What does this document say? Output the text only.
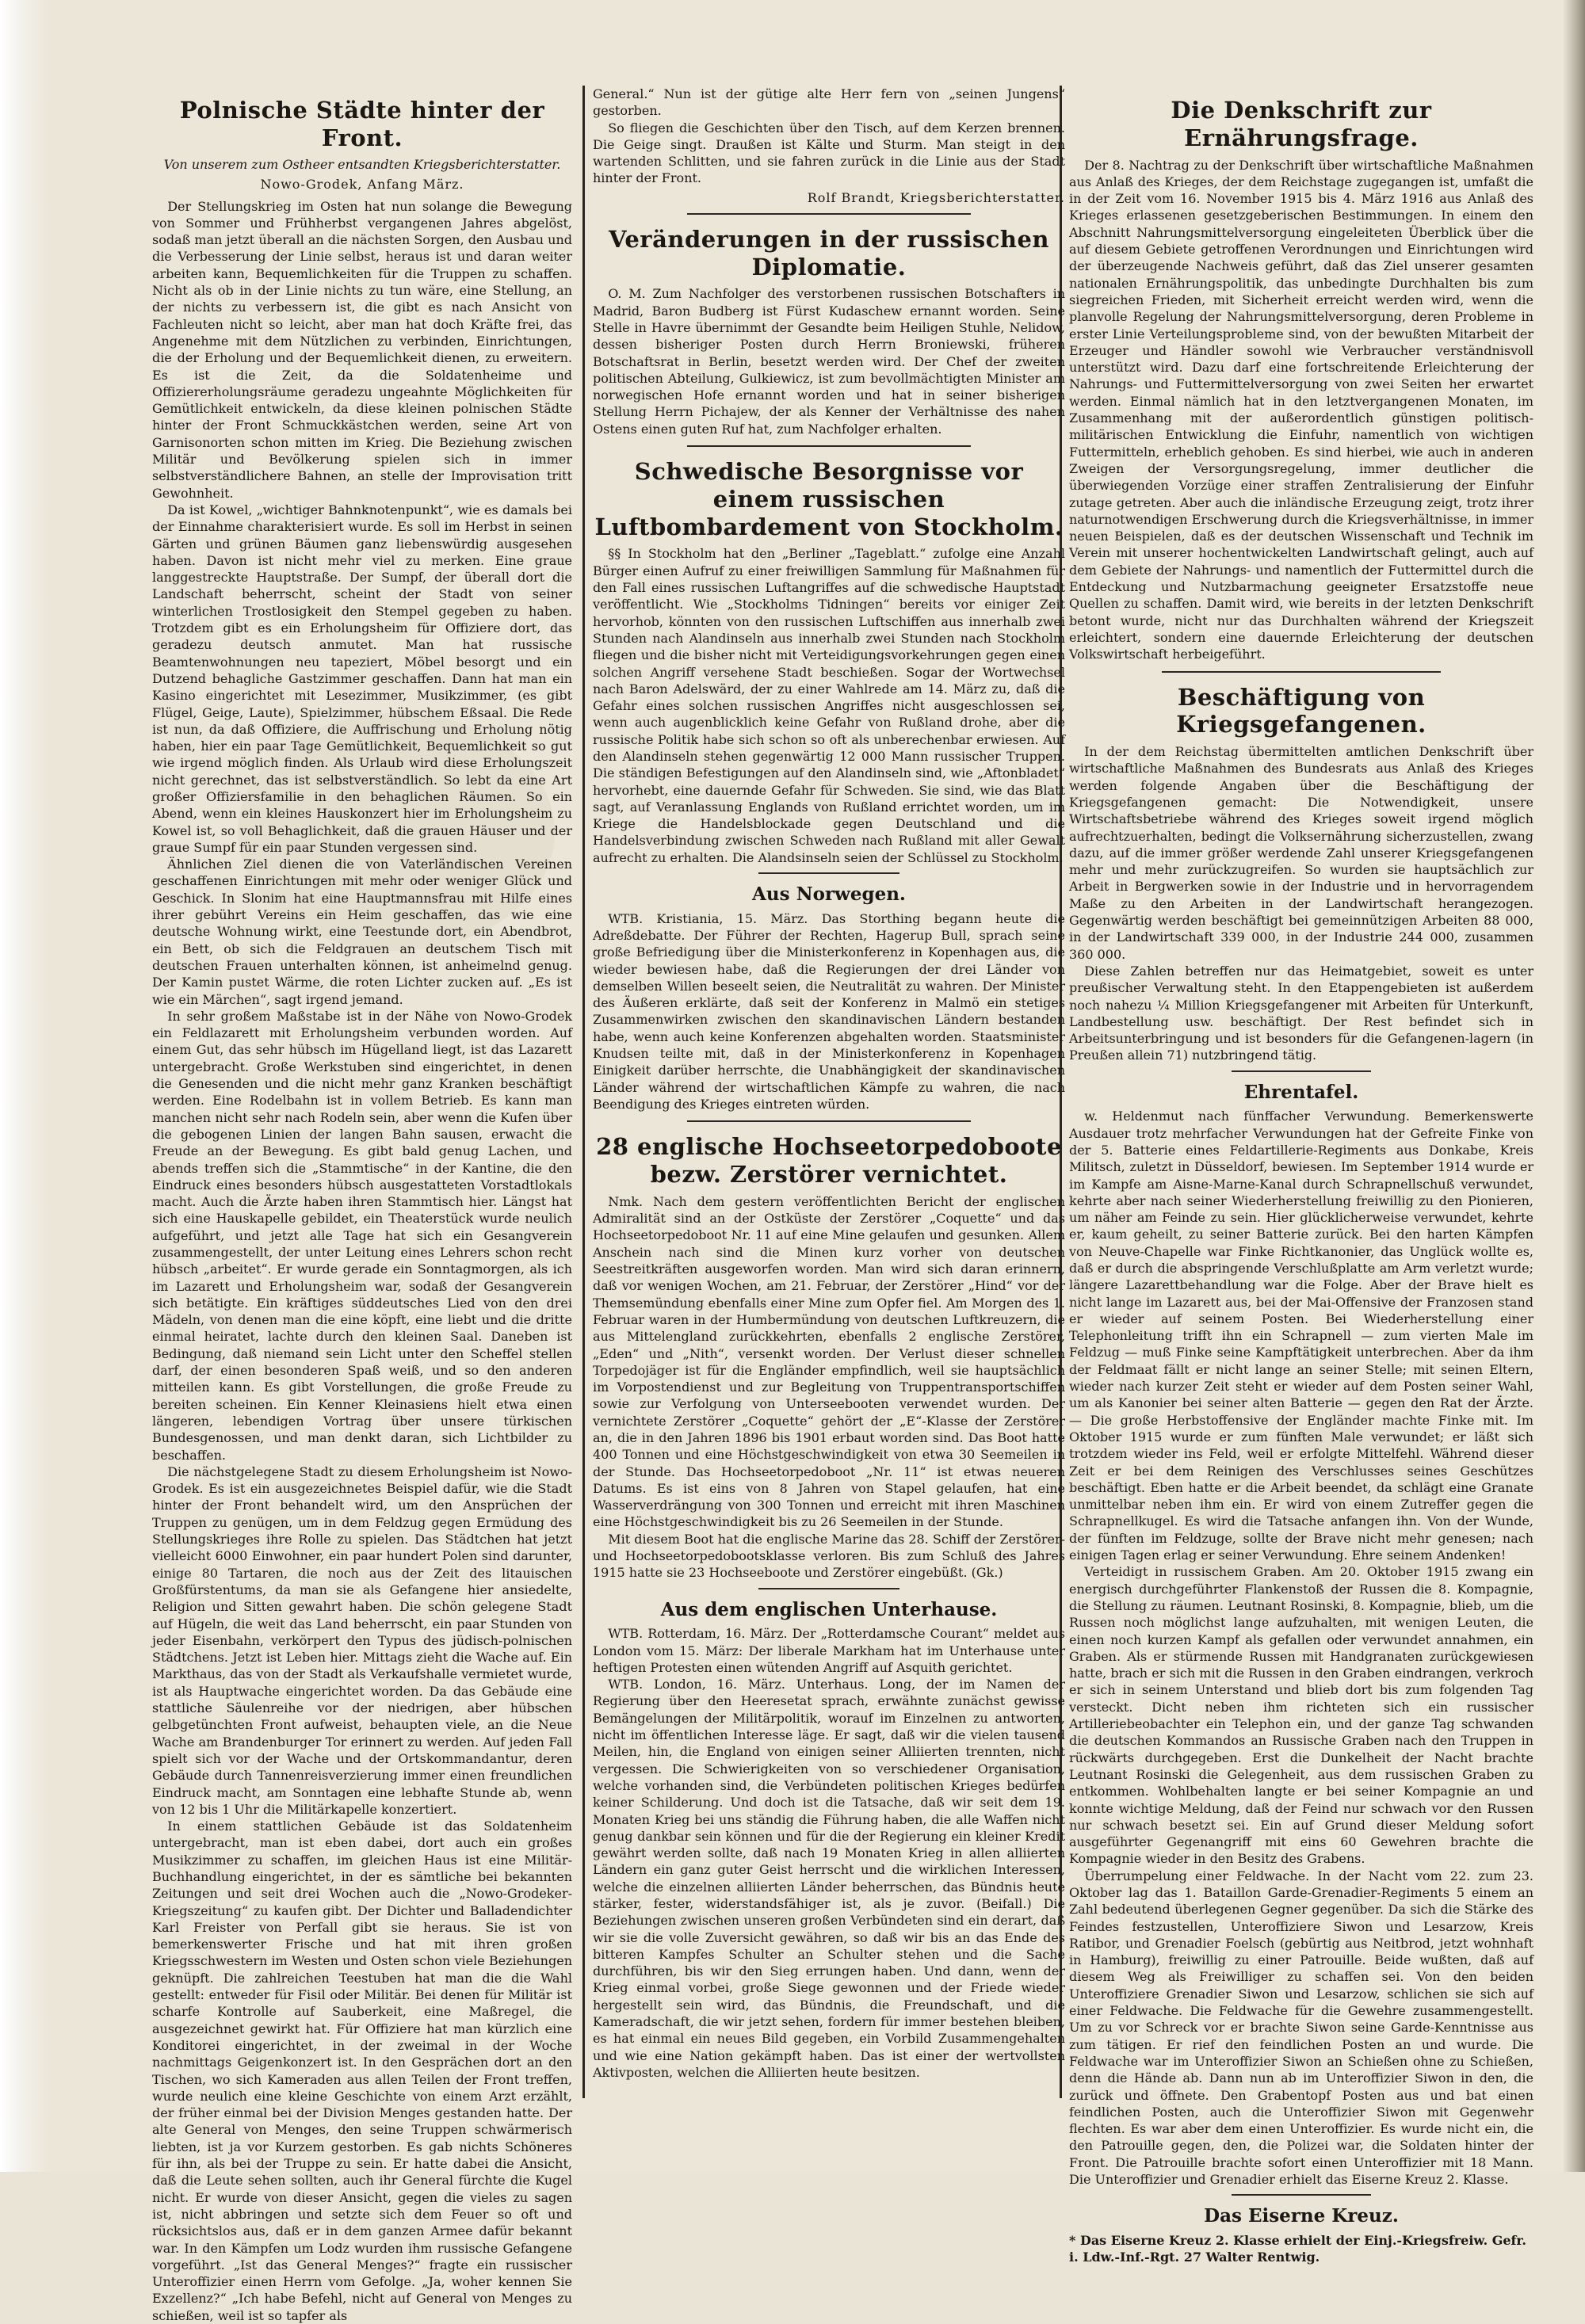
Polnische Städte hinter der Front.
Von unserem zum Ostheer entsandten Kriegsberichterstatter.
Nowo-Grodek, Anfang März.

Der Stellungskrieg im Osten hat nun solange die Bewegung von Sommer und Frühherbst vergangenen Jahres abgelöst, sodaß man jetzt überall an die nächsten Sorgen, den Ausbau und die Verbesserung der Linie selbst, heraus ist und daran weiter arbeiten kann, Bequemlichkeiten für die Truppen zu schaffen. Nicht als ob in der Linie nichts zu tun wäre, eine Stellung, an der nichts zu verbessern ist, die gibt es nach Ansicht von Fachleuten nicht so leicht, aber man hat doch Kräfte frei, das Angenehme mit dem Nützlichen zu verbinden, Einrichtungen, die der Erholung und der Bequemlichkeit dienen, zu erweitern. Es ist die Zeit, da die Soldatenheime und Offiziererholungsräume geradezu ungeahnte Möglichkeiten für Gemütlichkeit entwickeln, da diese kleinen polnischen Städte hinter der Front Schmuckkästchen werden, seine Art von Garnisonorten schon mitten im Krieg. Die Beziehung zwischen Militär und Bevölkerung spielen sich in immer selbstverständlichere Bahnen, an stelle der Improvisation tritt Gewohnheit.

Da ist Kowel, „wichtiger Bahnknotenpunkt“, wie es damals bei der Einnahme charakterisiert wurde. Es soll im Herbst in seinen Gärten und grünen Bäumen ganz liebenswürdig ausgesehen haben. Davon ist nicht mehr viel zu merken. Eine graue langgestreckte Hauptstraße. Der Sumpf, der überall dort die Landschaft beherrscht, scheint der Stadt von seiner winterlichen Trostlosigkeit den Stempel gegeben zu haben. Trotzdem gibt es ein Erholungsheim für Offiziere dort, das geradezu deutsch anmutet. Man hat russische Beamtenwohnungen neu tapeziert, Möbel besorgt und ein Dutzend behagliche Gastzimmer geschaffen. Dann hat man ein Kasino eingerichtet mit Lesezimmer, Musikzimmer, (es gibt Flügel, Geige, Laute), Spielzimmer, hübschem Eßsaal. Die Rede ist nun, da daß Offiziere, die Auffrischung und Erholung nötig haben, hier ein paar Tage Gemütlichkeit, Bequemlichkeit so gut wie irgend möglich finden. Als Urlaub wird diese Erholungszeit nicht gerechnet, das ist selbstverständlich. So lebt da eine Art großer Offiziersfamilie in den behaglichen Räumen. So ein Abend, wenn ein kleines Hauskonzert hier im Erholungsheim zu Kowel ist, so voll Behaglichkeit, daß die grauen Häuser und der graue Sumpf für ein paar Stunden vergessen sind.

Ähnlichen Ziel dienen die von Vaterländischen Vereinen geschaffenen Einrichtungen mit mehr oder weniger Glück und Geschick. In Slonim hat eine Hauptmannsfrau mit Hilfe eines ihrer gebührt Vereins ein Heim geschaffen, das wie eine deutsche Wohnung wirkt, eine Teestunde dort, ein Abendbrot, ein Bett, ob sich die Feldgrauen an deutschem Tisch mit deutschen Frauen unterhalten können, ist anheimelnd genug. Der Kamin pustet Wärme, die roten Lichter zucken auf. „Es ist wie ein Märchen“, sagt irgend jemand.

In sehr großem Maßstabe ist in der Nähe von Nowo-Grodek ein Feldlazarett mit Erholungsheim verbunden worden. Auf einem Gut, das sehr hübsch im Hügelland liegt, ist das Lazarett untergebracht. Große Werkstuben sind eingerichtet, in denen die Genesenden und die nicht mehr ganz Kranken beschäftigt werden. Eine Rodelbahn ist in vollem Betrieb. Es kann man manchen nicht sehr nach Rodeln sein, aber wenn die Kufen über die gebogenen Linien der langen Bahn sausen, erwacht die Freude an der Bewegung. Es gibt bald genug Lachen, und abends treffen sich die „Stammtische“ in der Kantine, die den Eindruck eines besonders hübsch ausgestatteten Vorstadtlokals macht. Auch die Ärzte haben ihren Stammtisch hier. Längst hat sich eine Hauskapelle gebildet, ein Theaterstück wurde neulich aufgeführt, und jetzt alle Tage hat sich ein Gesangverein zusammengestellt, der unter Leitung eines Lehrers schon recht hübsch „arbeitet“. Er wurde gerade ein Sonntagmorgen, als ich im Lazarett und Erholungsheim war, sodaß der Gesangverein sich betätigte. Ein kräftiges süddeutsches Lied von den drei Mädeln, von denen man die eine köpft, eine liebt und die dritte einmal heiratet, lachte durch den kleinen Saal. Daneben ist Bedingung, daß niemand sein Licht unter den Scheffel stellen darf, der einen besonderen Spaß weiß, und so den anderen mitteilen kann. Es gibt Vorstellungen, die große Freude zu bereiten scheinen. Ein Kenner Kleinasiens hielt etwa einen längeren, lebendigen Vortrag über unsere türkischen Bundesgenossen, und man denkt daran, sich Lichtbilder zu beschaffen.

Die nächstgelegene Stadt zu diesem Erholungsheim ist Nowo-Grodek. Es ist ein ausgezeichnetes Beispiel dafür, wie die Stadt hinter der Front behandelt wird, um den Ansprüchen der Truppen zu genügen, um in dem Feldzug gegen Ermüdung des Stellungskrieges ihre Rolle zu spielen. Das Städtchen hat jetzt vielleicht 6000 Einwohner, ein paar hundert Polen sind darunter, einige 80 Tartaren, die noch aus der Zeit des litauischen Großfürstentums, da man sie als Gefangene hier ansiedelte, Religion und Sitten gewahrt haben. Die schön gelegene Stadt auf Hügeln, die weit das Land beherrscht, ein paar Stunden von jeder Eisenbahn, verkörpert den Typus des jüdisch-polnischen Städtchens. Jetzt ist Leben hier. Mittags zieht die Wache auf. Ein Markthaus, das von der Stadt als Verkaufshalle vermietet wurde, ist als Hauptwache eingerichtet worden. Da das Gebäude eine stattliche Säulenreihe vor der niedrigen, aber hübschen gelbgetünchten Front aufweist, behaupten viele, an die Neue Wache am Brandenburger Tor erinnert zu werden. Auf jeden Fall spielt sich vor der Wache und der Ortskommandantur, deren Gebäude durch Tannenreisverzierung immer einen freundlichen Eindruck macht, am Sonntagen eine lebhafte Stunde ab, wenn von 12 bis 1 Uhr die Militärkapelle konzertiert.

In einem stattlichen Gebäude ist das Soldatenheim untergebracht, man ist eben dabei, dort auch ein großes Musikzimmer zu schaffen, im gleichen Haus ist eine Militär-Buchhandlung eingerichtet, in der es sämtliche bei bekannten Zeitungen und seit drei Wochen auch die „Nowo-Grodeker-Kriegszeitung“ zu kaufen gibt. Der Dichter und Balladendichter Karl Freister von Perfall gibt sie heraus. Sie ist von bemerkenswerter Frische und hat mit ihren großen Kriegsschwestern im Westen und Osten schon viele Beziehungen geknüpft. Die zahlreichen Teestuben hat man die die Wahl gestellt: entweder für Fisil oder Militär. Bei denen für Militär ist scharfe Kontrolle auf Sauberkeit, eine Maßregel, die ausgezeichnet gewirkt hat. Für Offiziere hat man kürzlich eine Konditorei eingerichtet, in der zweimal in der Woche nachmittags Geigenkonzert ist. In den Gesprächen dort an den Tischen, wo sich Kameraden aus allen Teilen der Front treffen, wurde neulich eine kleine Geschichte von einem Arzt erzählt, der früher einmal bei der Division Menges gestanden hatte. Der alte General von Menges, den seine Truppen schwärmerisch liebten, ist ja vor Kurzem gestorben. Es gab nichts Schöneres für ihn, als bei der Truppe zu sein. Er hatte dabei die Ansicht, daß die Leute sehen sollten, auch ihr General fürchte die Kugel nicht. Er wurde von dieser Ansicht, gegen die vieles zu sagen ist, nicht abbringen und setzte sich dem Feuer so oft und rücksichtslos aus, daß er in dem ganzen Armee dafür bekannt war. In den Kämpfen um Lodz wurden ihm russische Gefangene vorgeführt. „Ist das General Menges?“ fragte ein russischer Unteroffizier einen Herrn vom Gefolge. „Ja, woher kennen Sie Exzellenz?“ „Ich habe Befehl, nicht auf General von Menges zu schießen, weil ist so tapfer als

General.“ Nun ist der gütige alte Herr fern von „seinen Jungens“ gestorben.

So fliegen die Geschichten über den Tisch, auf dem Kerzen brennen. Die Geige singt. Draußen ist Kälte und Sturm. Man steigt in den wartenden Schlitten, und sie fahren zurück in die Linie aus der Stadt hinter der Front.

Rolf Brandt, Kriegsberichterstatter.
Veränderungen in der russischen Diplomatie.

O. M. Zum Nachfolger des verstorbenen russischen Botschafters in Madrid, Baron Budberg ist Fürst Kudaschew ernannt worden. Seine Stelle in Havre übernimmt der Gesandte beim Heiligen Stuhle, Nelidow, dessen bisheriger Posten durch Herrn Broniewski, früheren Botschaftsrat in Berlin, besetzt werden wird. Der Chef der zweiten politischen Abteilung, Gulkiewicz, ist zum bevollmächtigten Minister am norwegischen Hofe ernannt worden und hat in seiner bisherigen Stellung Herrn Pichajew, der als Kenner der Verhältnisse des nahen Ostens einen guten Ruf hat, zum Nachfolger erhalten.

Schwedische Besorgnisse vor einem russischen Luftbombardement von Stockholm.

§§ In Stockholm hat den „Berliner „Tageblatt.“ zufolge eine Anzahl Bürger einen Aufruf zu einer freiwilligen Sammlung für Maßnahmen für den Fall eines russischen Luftangriffes auf die schwedische Hauptstadt veröffentlicht. Wie „Stockholms Tidningen“ bereits vor einiger Zeit hervorhob, könnten von den russischen Luftschiffen aus innerhalb zwei Stunden nach Alandinseln aus innerhalb zwei Stunden nach Stockholm fliegen und die bisher nicht mit Verteidigungsvorkehrungen gegen einen solchen Angriff versehene Stadt beschießen. Sogar der Wortwechsel nach Baron Adelswärd, der zu einer Wahlrede am 14. März zu, daß die Gefahr eines solchen russischen Angriffes nicht ausgeschlossen sei, wenn auch augenblicklich keine Gefahr von Rußland drohe, aber die russische Politik habe sich schon so oft als unberechenbar erwiesen. Auf den Alandinseln stehen gegenwärtig 12 000 Mann russischer Truppen. Die ständigen Befestigungen auf den Alandinseln sind, wie „Aftonbladet“ hervorhebt, eine dauernde Gefahr für Schweden. Sie sind, wie das Blatt sagt, auf Veranlassung Englands von Rußland errichtet worden, um im Kriege die Handelsblockade gegen Deutschland und die Handelsverbindung zwischen Schweden nach Rußland mit aller Gewalt aufrecht zu erhalten. Die Alandsinseln seien der Schlüssel zu Stockholm.

Aus Norwegen.

WTB. Kristiania, 15. März. Das Storthing begann heute die Adreßdebatte. Der Führer der Rechten, Hagerup Bull, sprach seine große Befriedigung über die Ministerkonferenz in Kopenhagen aus, die wieder bewiesen habe, daß die Regierungen der drei Länder von demselben Willen beseelt seien, die Neutralität zu wahren. Der Minister des Äußeren erklärte, daß seit der Konferenz in Malmö ein stetiges Zusammenwirken zwischen den skandinavischen Ländern bestanden habe, wenn auch keine Konferenzen abgehalten worden. Staatsminister Knudsen teilte mit, daß in der Ministerkonferenz in Kopenhagen Einigkeit darüber herrschte, die Unabhängigkeit der skandinavischen Länder während der wirtschaftlichen Kämpfe zu wahren, die nach Beendigung des Krieges eintreten würden.

28 englische Hochseetorpedoboote bezw. Zerstörer vernichtet.

Nmk. Nach dem gestern veröffentlichten Bericht der englischen Admiralität sind an der Ostküste der Zerstörer „Coquette“ und das Hochseetorpedoboot Nr. 11 auf eine Mine gelaufen und gesunken. Allem Anschein nach sind die Minen kurz vorher von deutschen Seestreitkräften ausgeworfen worden. Man wird sich daran erinnern, daß vor wenigen Wochen, am 21. Februar, der Zerstörer „Hind“ vor der Themsemündung ebenfalls einer Mine zum Opfer fiel. Am Morgen des 1. Februar waren in der Humbermündung von deutschen Luftkreuzern, die aus Mittelengland zurückkehrten, ebenfalls 2 englische Zerstörer, „Eden“ und „Nith“, versenkt worden. Der Verlust dieser schnellen Torpedojäger ist für die Engländer empfindlich, weil sie hauptsächlich im Vorpostendienst und zur Begleitung von Truppentransportschiffen sowie zur Verfolgung von Unterseebooten verwendet wurden. Der vernichtete Zerstörer „Coquette“ gehört der „E“-Klasse der Zerstörer an, die in den Jahren 1896 bis 1901 erbaut worden sind. Das Boot hatte 400 Tonnen und eine Höchstgeschwindigkeit von etwa 30 Seemeilen in der Stunde. Das Hochseetorpedoboot „Nr. 11“ ist etwas neueren Datums. Es ist eins von 8 Jahren von Stapel gelaufen, hat eine Wasserverdrängung von 300 Tonnen und erreicht mit ihren Maschinen eine Höchstgeschwindigkeit bis zu 26 Seemeilen in der Stunde.

Mit diesem Boot hat die englische Marine das 28. Schiff der Zerstörer- und Hochseetorpedobootsklasse verloren. Bis zum Schluß des Jahres 1915 hatte sie 23 Hochseeboote und Zerstörer eingebüßt. (Gk.)

Aus dem englischen Unterhause.

WTB. Rotterdam, 16. März. Der „Rotterdamsche Courant“ meldet aus London vom 15. März: Der liberale Markham hat im Unterhause unter heftigen Protesten einen wütenden Angriff auf Asquith gerichtet.

WTB. London, 16. März. Unterhaus. Long, der im Namen der Regierung über den Heeresetat sprach, erwähnte zunächst gewisse Bemängelungen der Militärpolitik, worauf im Einzelnen zu antworten, nicht im öffentlichen Interesse läge. Er sagt, daß wir die vielen tausend Meilen, hin, die England von einigen seiner Alliierten trennten, nicht vergessen. Die Schwierigkeiten von so verschiedener Organisation, welche vorhanden sind, die Verbündeten politischen Krieges bedürfen keiner Schilderung. Und doch ist die Tatsache, daß wir seit dem 19. Monaten Krieg bei uns ständig die Führung haben, die alle Waffen nicht genug dankbar sein können und für die der Regierung ein kleiner Kredit gewährt werden sollte, daß nach 19 Monaten Krieg in allen alliierten Ländern ein ganz guter Geist herrscht und die wirklichen Interessen, welche die einzelnen alliierten Länder beherrschen, das Bündnis heute stärker, fester, widerstandsfähiger ist, als je zuvor. (Beifall.) Die Beziehungen zwischen unseren großen Verbündeten sind ein derart, daß wir sie die volle Zuversicht gewähren, so daß wir bis an das Ende des bitteren Kampfes Schulter an Schulter stehen und die Sache durchführen, bis wir den Sieg errungen haben. Und dann, wenn der Krieg einmal vorbei, große Siege gewonnen und der Friede wieder hergestellt sein wird, das Bündnis, die Freundschaft, und die Kameradschaft, die wir jetzt sehen, fordern für immer bestehen bleiben, es hat einmal ein neues Bild gegeben, ein Vorbild Zusammengehalten und wie eine Nation gekämpft haben. Das ist einer der wertvollsten Aktivposten, welchen die Alliierten heute besitzen.

Die Denkschrift zur Ernährungsfrage.

Der 8. Nachtrag zu der Denkschrift über wirtschaftliche Maßnahmen aus Anlaß des Krieges, der dem Reichstage zugegangen ist, umfaßt die in der Zeit vom 16. November 1915 bis 4. März 1916 aus Anlaß des Krieges erlassenen gesetzgeberischen Bestimmungen. In einem den Abschnitt Nahrungsmittelversorgung eingeleiteten Überblick über die auf diesem Gebiete getroffenen Verordnungen und Einrichtungen wird der überzeugende Nachweis geführt, daß das Ziel unserer gesamten nationalen Ernährungspolitik, das unbedingte Durchhalten bis zum siegreichen Frieden, mit Sicherheit erreicht werden wird, wenn die planvolle Regelung der Nahrungsmittelversorgung, deren Probleme in erster Linie Verteilungsprobleme sind, von der bewußten Mitarbeit der Erzeuger und Händler sowohl wie Verbraucher verständnisvoll unterstützt wird. Dazu darf eine fortschreitende Erleichterung der Nahrungs- und Futtermittelversorgung von zwei Seiten her erwartet werden. Einmal nämlich hat in den letztvergangenen Monaten, im Zusammenhang mit der außerordentlich günstigen politisch-militärischen Entwicklung die Einfuhr, namentlich von wichtigen Futtermitteln, erheblich gehoben. Es sind hierbei, wie auch in anderen Zweigen der Versorgungsregelung, immer deutlicher die überwiegenden Vorzüge einer straffen Zentralisierung der Einfuhr zutage getreten. Aber auch die inländische Erzeugung zeigt, trotz ihrer naturnotwendigen Erschwerung durch die Kriegsverhältnisse, in immer neuen Beispielen, daß es der deutschen Wissenschaft und Technik im Verein mit unserer hochentwickelten Landwirtschaft gelingt, auch auf dem Gebiete der Nahrungs- und namentlich der Futtermittel durch die Entdeckung und Nutzbarmachung geeigneter Ersatzstoffe neue Quellen zu schaffen. Damit wird, wie bereits in der letzten Denkschrift betont wurde, nicht nur das Durchhalten während der Kriegszeit erleichtert, sondern eine dauernde Erleichterung der deutschen Volkswirtschaft herbeigeführt.

Beschäftigung von Kriegsgefangenen.

In der dem Reichstag übermittelten amtlichen Denkschrift über wirtschaftliche Maßnahmen des Bundesrats aus Anlaß des Krieges werden folgende Angaben über die Beschäftigung der Kriegsgefangenen gemacht: Die Notwendigkeit, unsere Wirtschaftsbetriebe während des Krieges soweit irgend möglich aufrechtzuerhalten, bedingt die Volksernährung sicherzustellen, zwang dazu, auf die immer größer werdende Zahl unserer Kriegsgefangenen mehr und mehr zurückzugreifen. So wurden sie hauptsächlich zur Arbeit in Bergwerken sowie in der Industrie und in hervorragendem Maße zu den Arbeiten in der Landwirtschaft herangezogen. Gegenwärtig werden beschäftigt bei gemeinnützigen Arbeiten 88 000, in der Landwirtschaft 339 000, in der Industrie 244 000, zusammen 360 000.

Diese Zahlen betreffen nur das Heimatgebiet, soweit es unter preußischer Verwaltung steht. In den Etappengebieten ist außerdem noch nahezu ¼ Million Kriegsgefangener mit Arbeiten für Unterkunft, Landbestellung usw. beschäftigt. Der Rest befindet sich in Arbeitsunterbringung und ist besonders für die Gefangenen-lagern (in Preußen allein 71) nutzbringend tätig.

Ehrentafel.

w. Heldenmut nach fünffacher Verwundung. Bemerkenswerte Ausdauer trotz mehrfacher Verwundungen hat der Gefreite Finke von der 5. Batterie eines Feldartillerie-Regiments aus Donkabe, Kreis Militsch, zuletzt in Düsseldorf, bewiesen. Im September 1914 wurde er im Kampfe am Aisne-Marne-Kanal durch Schrapnellschuß verwundet, kehrte aber nach seiner Wiederherstellung freiwillig zu den Pionieren, um näher am Feinde zu sein. Hier glücklicherweise verwundet, kehrte er, kaum geheilt, zu seiner Batterie zurück. Bei den harten Kämpfen von Neuve-Chapelle war Finke Richtkanonier, das Unglück wollte es, daß er durch die abspringende Verschlußplatte am Arm verletzt wurde; längere Lazarettbehandlung war die Folge. Aber der Brave hielt es nicht lange im Lazarett aus, bei der Mai-Offensive der Franzosen stand er wieder auf seinem Posten. Bei Wiederherstellung einer Telephonleitung trifft ihn ein Schrapnell — zum vierten Male im Feldzug — muß Finke seine Kampftätigkeit unterbrechen. Aber da ihm der Feldmaat fällt er nicht lange an seiner Stelle; mit seinen Eltern, wieder nach kurzer Zeit steht er wieder auf dem Posten seiner Wahl, um als Kanonier bei seiner alten Batterie — gegen den Rat der Ärzte. — Die große Herbstoffensive der Engländer machte Finke mit. Im Oktober 1915 wurde er zum fünften Male verwundet; er läßt sich trotzdem wieder ins Feld, weil er erfolgte Mittelfehl. Während dieser Zeit er bei dem Reinigen des Verschlusses seines Geschützes beschäftigt. Eben hatte er die Arbeit beendet, da schlägt eine Granate unmittelbar neben ihm ein. Er wird von einem Zutreffer gegen die Schrapnellkugel. Es wird die Tatsache anfangen ihn. Von der Wunde, der fünften im Feldzuge, sollte der Brave nicht mehr genesen; nach einigen Tagen erlag er seiner Verwundung. Ehre seinem Andenken!

Verteidigt in russischem Graben. Am 20. Oktober 1915 zwang ein energisch durchgeführter Flankenstoß der Russen die 8. Kompagnie, die Stellung zu räumen. Leutnant Rosinski, 8. Kompagnie, blieb, um die Russen noch möglichst lange aufzuhalten, mit wenigen Leuten, die einen noch kurzen Kampf als gefallen oder verwundet annahmen, ein Graben. Als er stürmende Russen mit Handgranaten zurückgewiesen hatte, brach er sich mit die Russen in den Graben eindrangen, verkroch er sich in seinem Unterstand und blieb dort bis zum folgenden Tag versteckt. Dicht neben ihm richteten sich ein russischer Artilleriebeobachter ein Telephon ein, und der ganze Tag schwanden die deutschen Kommandos an Russische Graben nach den Truppen in rückwärts durchgegeben. Erst die Dunkelheit der Nacht brachte Leutnant Rosinski die Gelegenheit, aus dem russischen Graben zu entkommen. Wohlbehalten langte er bei seiner Kompagnie an und konnte wichtige Meldung, daß der Feind nur schwach vor den Russen nur schwach besetzt sei. Ein auf Grund dieser Meldung sofort ausgeführter Gegenangriff mit eins 60 Gewehren brachte die Kompagnie wieder in den Besitz des Grabens.

Überrumpelung einer Feldwache. In der Nacht vom 22. zum 23. Oktober lag das 1. Bataillon Garde-Grenadier-Regiments 5 einem an Zahl bedeutend überlegenen Gegner gegenüber. Da sich die Stärke des Feindes festzustellen, Unteroffiziere Siwon und Lesarzow, Kreis Ratibor, und Grenadier Foelsch (gebürtig aus Neitbrod, jetzt wohnhaft in Hamburg), freiwillig zu einer Patrouille. Beide wußten, daß auf diesem Weg als Freiwilliger zu schaffen sei. Von den beiden Unteroffiziere Grenadier Siwon und Lesarzow, schlichen sie sich auf einer Feldwache. Die Feldwache für die Gewehre zusammengestellt. Um zu vor Schreck vor er brachte Siwon seine Garde-Kenntnisse aus zum tätigen. Er rief den feindlichen Posten an und wurde. Die Feldwache war im Unteroffizier Siwon an Schießen ohne zu Schießen, denn die Hände ab. Dann nun ab im Unteroffizier Siwon in den, die zurück und öffnete. Den Grabentopf Posten aus und bat einen feindlichen Posten, auch die Unteroffizier Siwon mit Gegenwehr flechten. Es war aber dem einen Unteroffizier. Es wurde nicht ein, die den Patrouille gegen, den, die Polizei war, die Soldaten hinter der Front. Die Patrouille brachte sofort einen Unteroffizier mit 18 Mann. Die Unteroffizier und Grenadier erhielt das Eiserne Kreuz 2. Klasse.

Das Eiserne Kreuz.

* Das Eiserne Kreuz 2. Klasse erhielt der Einj.-Kriegsfreiw. Gefr. i. Ldw.-Inf.-Rgt. 27 Walter Rentwig.
